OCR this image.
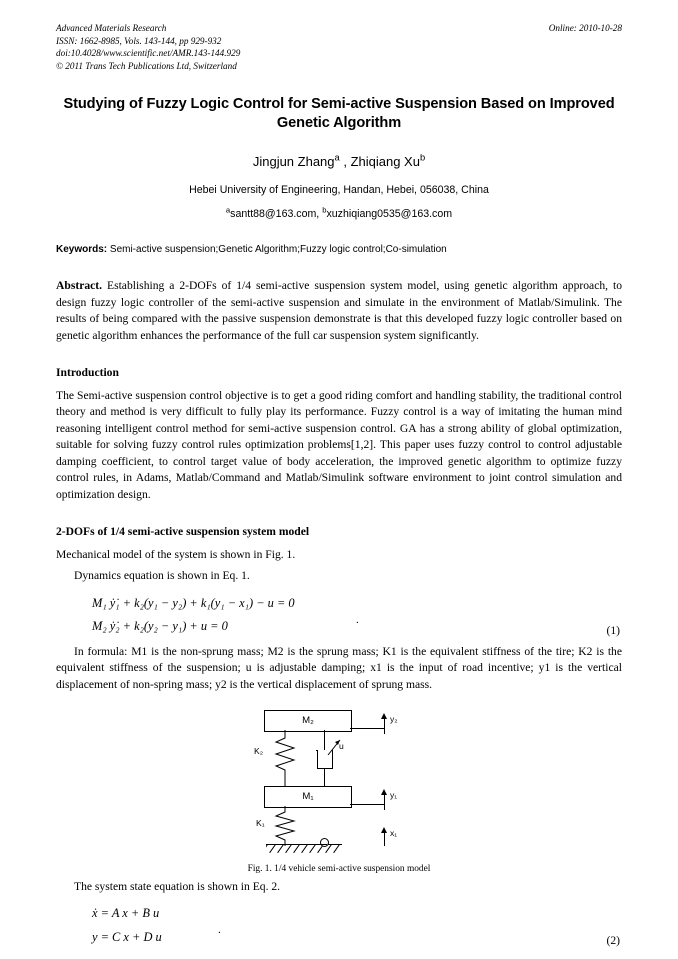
Advanced Materials Research
ISSN: 1662-8985, Vols. 143-144, pp 929-932
doi:10.4028/www.scientific.net/AMR.143-144.929
© 2011 Trans Tech Publications Ltd, Switzerland
Online: 2010-10-28
Studying of Fuzzy Logic Control for Semi-active Suspension Based on Improved Genetic Algorithm
Jingjun Zhang$^a$ , Zhiqiang Xu$^b$
Hebei University of Engineering, Handan, Hebei, 056038, China
$^a$santt88@163.com, $^b$xuzhiqiang0535@163.com
Keywords: Semi-active suspension;Genetic Algorithm;Fuzzy logic control;Co-simulation
Abstract. Establishing a 2-DOFs of 1/4 semi-active suspension system model, using genetic algorithm approach, to design fuzzy logic controller of the semi-active suspension and simulate in the environment of Matlab/Simulink. The results of being compared with the passive suspension demonstrate is that this developed fuzzy logic controller based on genetic algorithm enhances the performance of the full car suspension system significantly.
Introduction
The Semi-active suspension control objective is to get a good riding comfort and handling stability, the traditional control theory and method is very difficult to fully play its performance. Fuzzy control is a way of imitating the human mind reasoning intelligent control method for semi-active suspension control. GA has a strong ability of global optimization, suitable for solving fuzzy control rules optimization problems[1,2]. This paper uses fuzzy control to control adjustable damping coefficient, to control target value of body acceleration, the improved genetic algorithm to optimize fuzzy control rules, in Adams, Matlab/Command and Matlab/Simulink software environment to joint control simulation and optimization design.
2-DOFs of 1/4 semi-active suspension system model
Mechanical model of the system is shown in Fig. 1.
Dynamics equation is shown in Eq. 1.
M₁ ẏ̇₁ + k₂(y₁ − y₂) + k₁(y₁ − x₁) − u = 0
.
M₂ ẏ̇₂ + k₂(y₂ − y₁) + u = 0	(1)
In formula: M1 is the non-sprung mass; M2 is the sprung mass; K1 is the equivalent stiffness of the tire; K2 is the equivalent stiffness of the suspension; u is adjustable damping; x1 is the input of road incentive; y1 is the vertical displacement of non-spring mass; y2 is the vertical displacement of sprung mass.
M₂
K₂	u
M₁
K₁
y₂
y₁
x₁
Fig. 1. 1/4 vehicle semi-active suspension model
The system state equation is shown in Eq. 2.
ẋ = A x + B u
.
y = C x + D u	(2)
